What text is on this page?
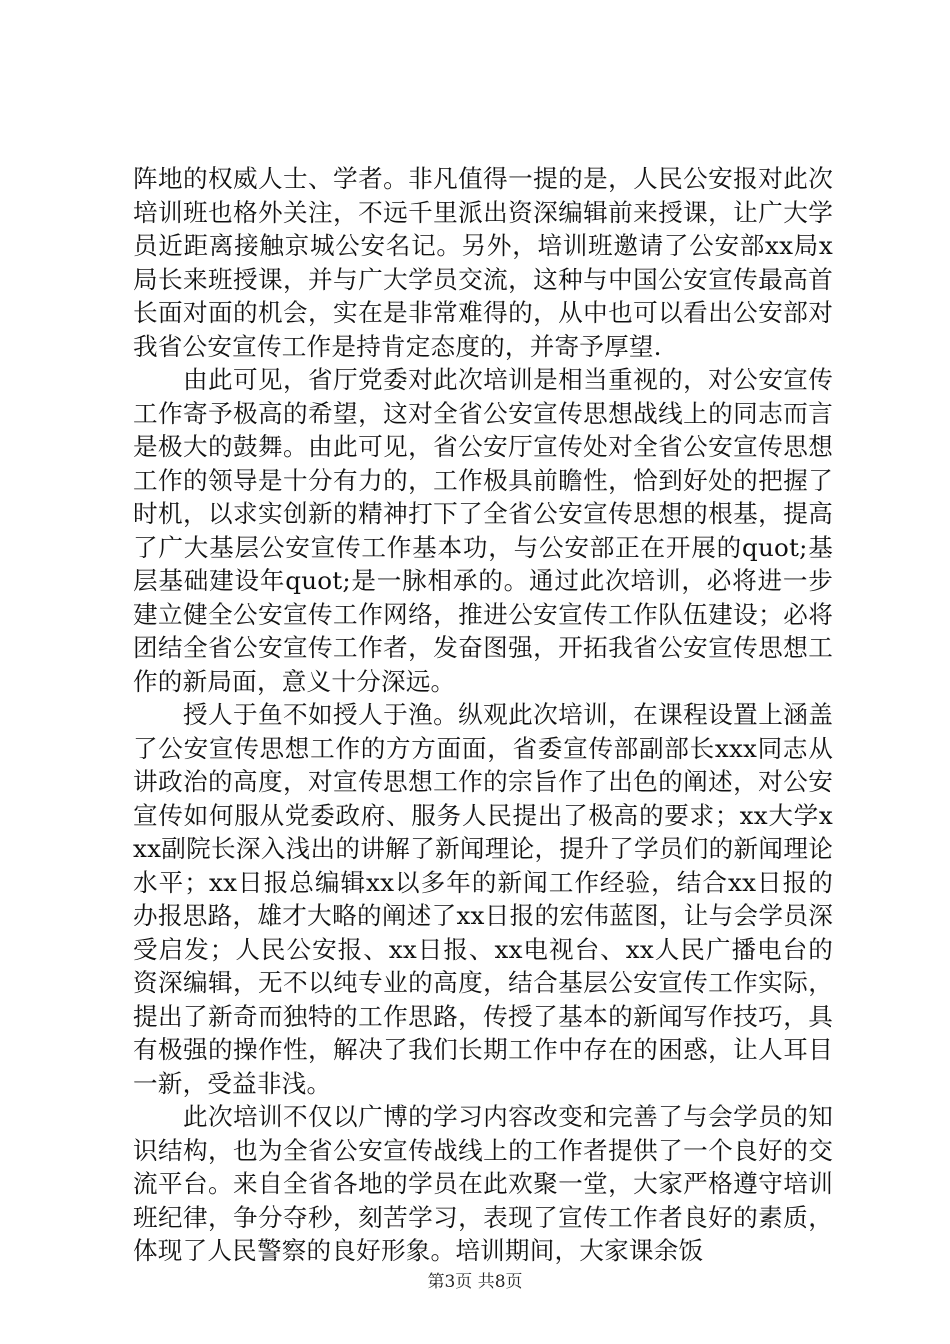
阵地的权威人士、学者。非凡值得一提的是，人民公安报对此次培训班也格外关注，不远千里派出资深编辑前来授课，让广大学员近距离接触京城公安名记。另外，培训班邀请了公安部xx局x局长来班授课，并与广大学员交流，这种与中国公安宣传最高首长面对面的机会，实在是非常难得的，从中也可以看出公安部对我省公安宣传工作是持肯定态度的，并寄予厚望.

由此可见，省厅党委对此次培训是相当重视的，对公安宣传工作寄予极高的希望，这对全省公安宣传思想战线上的同志而言是极大的鼓舞。由此可见，省公安厅宣传处对全省公安宣传思想工作的领导是十分有力的，工作极具前瞻性，恰到好处的把握了时机，以求实创新的精神打下了全省公安宣传思想的根基，提高了广大基层公安宣传工作基本功，与公安部正在开展的quot;基层基础建设年quot;是一脉相承的。通过此次培训，必将进一步建立健全公安宣传工作网络，推进公安宣传工作队伍建设；必将团结全省公安宣传工作者，发奋图强，开拓我省公安宣传思想工作的新局面，意义十分深远。

授人于鱼不如授人于渔。纵观此次培训，在课程设置上涵盖了公安宣传思想工作的方方面面，省委宣传部副部长xxx同志从讲政治的高度，对宣传思想工作的宗旨作了出色的阐述，对公安宣传如何服从党委政府、服务人民提出了极高的要求；xx大学xxx副院长深入浅出的讲解了新闻理论，提升了学员们的新闻理论水平；xx日报总编辑xx以多年的新闻工作经验，结合xx日报的办报思路，雄才大略的阐述了xx日报的宏伟蓝图，让与会学员深受启发；人民公安报、xx日报、xx电视台、xx人民广播电台的资深编辑，无不以纯专业的高度，结合基层公安宣传工作实际，提出了新奇而独特的工作思路，传授了基本的新闻写作技巧，具有极强的操作性，解决了我们长期工作中存在的困惑，让人耳目一新，受益非浅。

此次培训不仅以广博的学习内容改变和完善了与会学员的知识结构，也为全省公安宣传战线上的工作者提供了一个良好的交流平台。来自全省各地的学员在此欢聚一堂，大家严格遵守培训班纪律，争分夺秒，刻苦学习，表现了宣传工作者良好的素质，体现了人民警察的良好形象。培训期间，大家课余饭

第3页 共8页
